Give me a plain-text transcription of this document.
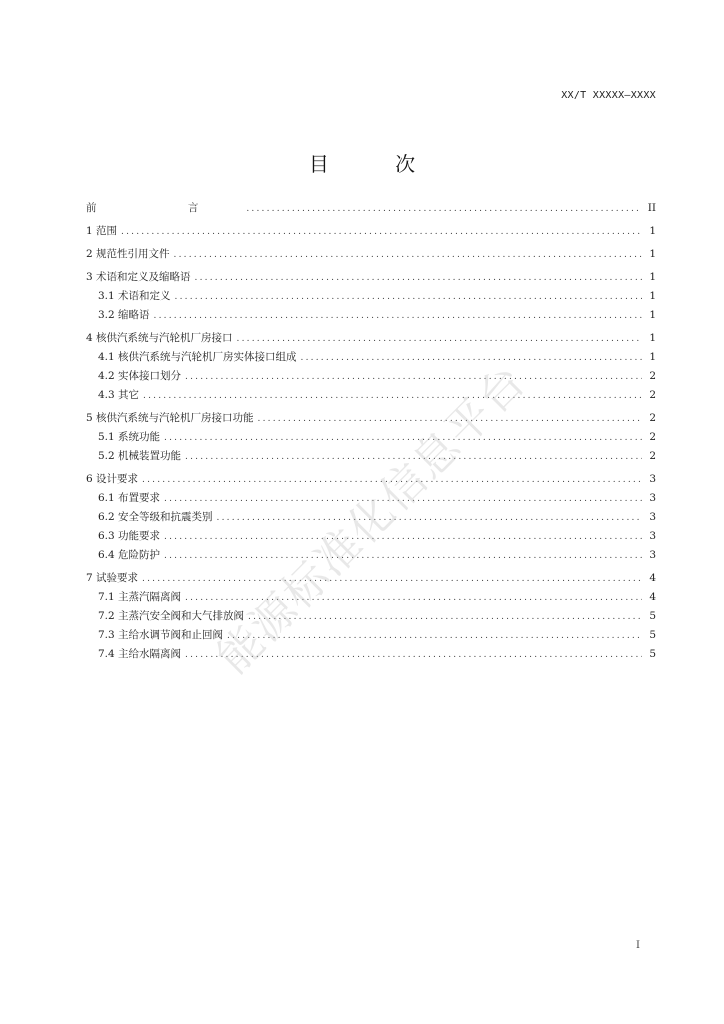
XX/T XXXXX—XXXX
目 次
前 言 .....	II
1 范围 .....	1
2 规范性引用文件 .....	1
3 术语和定义及缩略语 .....	1
3.1 术语和定义 .....	1
3.2 缩略语 .....	1
4 核供汽系统与汽轮机厂房接口 .....	1
4.1 核供汽系统与汽轮机厂房实体接口组成 .....	1
4.2 实体接口划分 .....	2
4.3 其它 .....	2
5 核供汽系统与汽轮机厂房接口功能 .....	2
5.1 系统功能 .....	2
5.2 机械装置功能 .....	2
6 设计要求 .....	3
6.1 布置要求 .....	3
6.2 安全等级和抗震类别 .....	3
6.3 功能要求 .....	3
6.4 危险防护 .....	3
7 试验要求 .....	4
7.1 主蒸汽隔离阀 .....	4
7.2 主蒸汽安全阀和大气排放阀 .....	5
7.3 主给水调节阀和止回阀 .....	5
7.4 主给水隔离阀 .....	5
能源标准化信息平台
I
